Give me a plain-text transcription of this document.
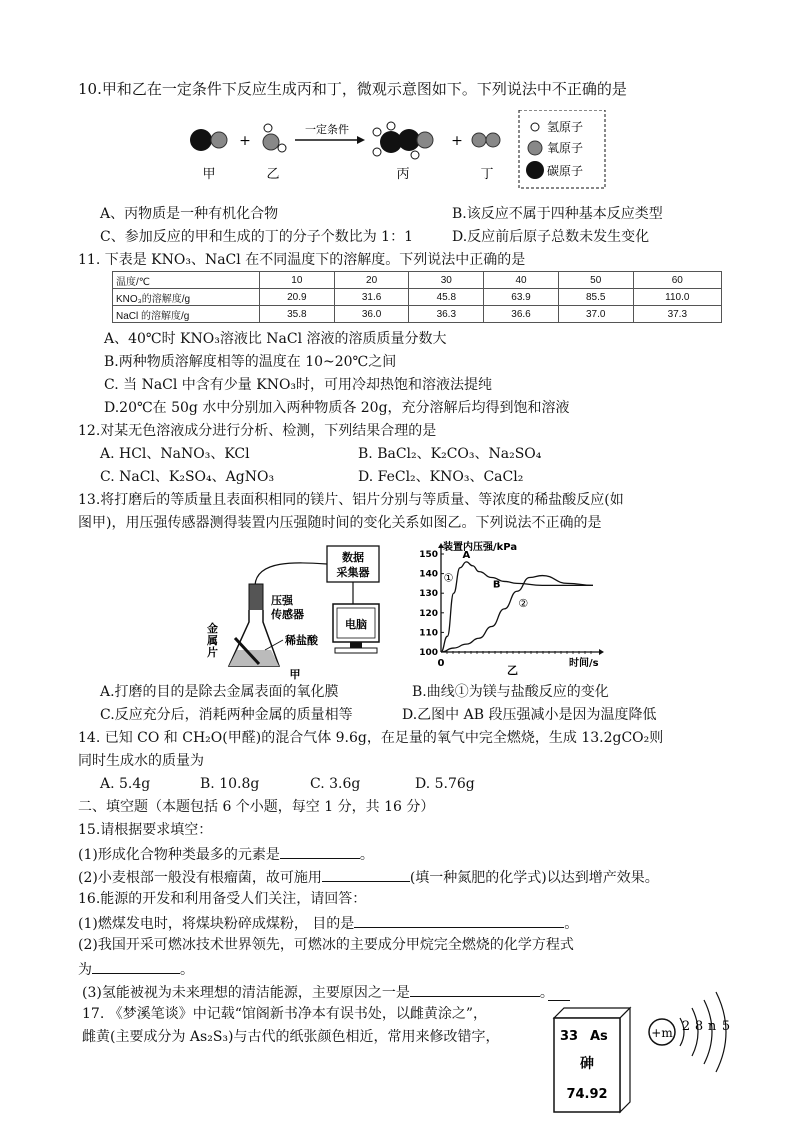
10.甲和乙在一定条件下反应生成丙和丁，微观示意图如下。下列说法中不正确的是
+
一定条件
+
甲	乙	丙	丁
氢原子
氧原子
碳原子
A、丙物质是一种有机化合物	B.该反应不属于四种基本反应类型
C、参加反应的甲和生成的丁的分子个数比为 1：1	D.反应前后原子总数未发生变化
11. 下表是 KNO₃、NaCl 在不同温度下的溶解度。下列说法中正确的是
温度/℃	10	20	30	40	50	60
KNO₃的溶解度/g	20.9	31.6	45.8	63.9	85.5	110.0
NaCl 的溶解度/g	35.8	36.0	36.3	36.6	37.0	37.3
A、40℃时 KNO₃溶液比 NaCl 溶液的溶质质量分数大
B.两种物质溶解度相等的温度在 10~20℃之间
C. 当 NaCl 中含有少量 KNO₃时，可用冷却热饱和溶液法提纯
D.20℃在 50g 水中分别加入两种物质各 20g，充分溶解后均得到饱和溶液
12.对某无色溶液成分进行分析、检测，下列结果合理的是
A. HCl、NaNO₃、KCl	B. BaCl₂、K₂CO₃、Na₂SO₄
C. NaCl、K₂SO₄、AgNO₃	D. FeCl₂、KNO₃、CaCl₂
13.将打磨后的等质量且表面积相同的镁片、铝片分别与等质量、等浓度的稀盐酸反应(如
图甲)，用压强传感器测得装置内压强随时间的变化关系如图乙。下列说法不正确的是
数据
采集器
电脑
压强
传感器
稀盐酸
金
属
片
甲
100
110
120
130
140
150
装置内压强/kPa
时间/s
0
乙
①
②
A
B
A.打磨的目的是除去金属表面的氧化膜	B.曲线①为镁与盐酸反应的变化
C.反应充分后，消耗两种金属的质量相等	D.乙图中 AB 段压强减小是因为温度降低
14. 已知 CO 和 CH₂O(甲醛)的混合气体 9.6g，在足量的氧气中完全燃烧，生成 13.2gCO₂则
同时生成水的质量为
A. 5.4g	B. 10.8g	C. 3.6g	D. 5.76g
二、填空题（本题包括 6 个小题，每空 1 分，共 16 分）
15.请根据要求填空：
(1)形成化合物种类最多的元素是	。
(2)小麦根部一般没有根瘤菌，故可施用	(填一种氮肥的化学式)以达到增产效果。
16.能源的开发和利用备受人们关注，请回答：
(1)燃煤发电时，将煤块粉碎成煤粉， 目的是	。
(2)我国开采可燃冰技术世界领先，可燃冰的主要成分甲烷完全燃烧的化学方程式
为	。
(3)氢能被视为未来理想的清洁能源，主要原因之一是	。
17. 《梦溪笔谈》中记载“馆阁新书净本有误书处，以雌黄涂之”，
雌黄(主要成分为 As₂S₃)与古代的纸张颜色相近，常用来修改错字，	33 As
砷
74.92
+m 2 8 n 5
